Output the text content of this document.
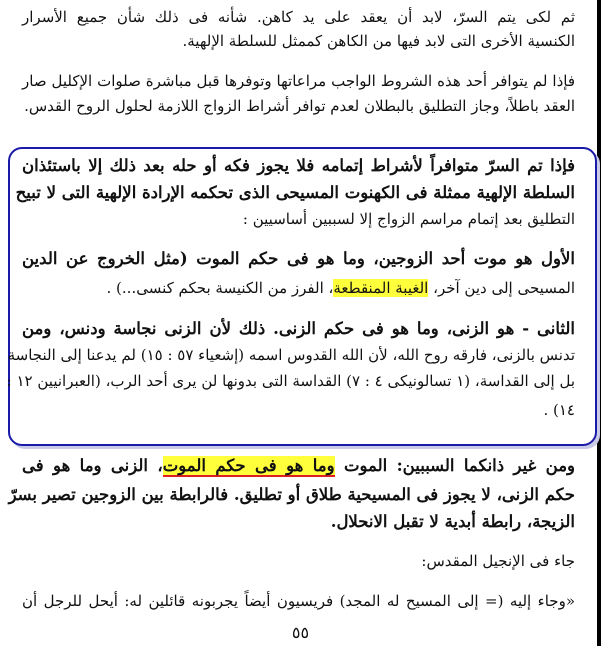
ثم لكى يتم السرّ، لابد أن يعقد على يد كاهن. شأنه فى ذلك شأن جميع الأسرار
الكنسية الأخرى التى لابد فيها من الكاهن كممثل للسلطة الإلهية.
فإذا لم يتوافر أحد هذه الشروط الواجب مراعاتها وتوفرها قبل مباشرة صلوات الإكليل صار
العقد باطلاً، وجاز التطليق بالبطلان لعدم توافر أشراط الزواج اللازمة لحلول الروح القدس.
فإذا تم السرّ متوافراً لأشراط إتمامه فلا يجوز فكه أو حله بعد ذلك إلا باستئذان
السلطة الإلهية ممثلة فى الكهنوت المسيحى الذى تحكمه الإرادة الإلهية التى لا تبيح
التطليق بعد إتمام مراسم الزواج إلا لسببين أساسيين :
الأول هو موت أحد الزوجين، وما هو فى حكم الموت (مثل الخروج عن الدين
المسيحى إلى دين آخر، الغيبة المنقطعة، الفرز من الكنيسة بحكم كنسى...) .
الثانى - هو الزنى، وما هو فى حكم الزنى. ذلك لأن الزنى نجاسة ودنس، ومن
تدنس بالزنى، فارقه روح الله، لأن الله القدوس اسمه (إشعياء ٥٧ : ١٥) لم يدعنا إلى النجاسة
بل إلى القداسة، (١ تسالونيكى ٤ : ٧) القداسة التى بدونها لن يرى أحد الرب، (العبرانيين ١٢ :
١٤) .
ومن غير ذانكما السببين: الموت وما هو فى حكم الموت، الزنى وما هو فى
حكم الزنى، لا يجوز فى المسيحية طلاق أو تطليق. فالرابطة بين الزوجين تصير بسرّ
الزيجة، رابطة أبدية لا تقبل الانحلال.
جاء فى الإنجيل المقدس:
«وجاء إليه (= إلى المسيح له المجد) فريسيون أيضاً يجربونه قائلين له: أيحل للرجل أن
٥٥
